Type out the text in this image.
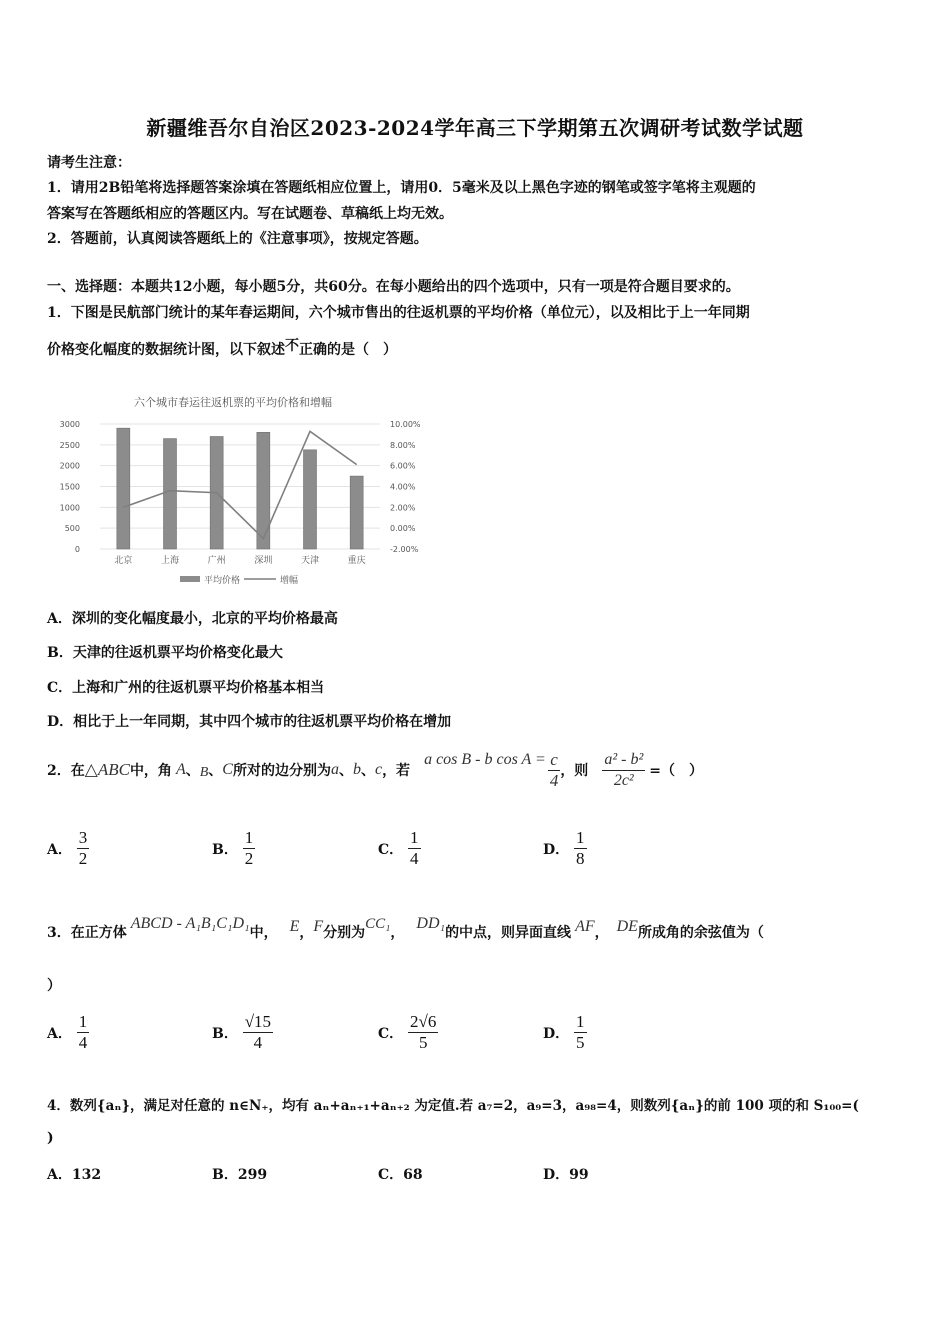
新疆维吾尔自治区2023-2024学年高三下学期第五次调研考试数学试题
请考生注意：
1．请用2B铅笔将选择题答案涂填在答题纸相应位置上，请用0．5毫米及以上黑色字迹的钢笔或签字笔将主观题的
答案写在答题纸相应的答题区内。写在试题卷、草稿纸上均无效。
2．答题前，认真阅读答题纸上的《注意事项》，按规定答题。
一、选择题：本题共12小题，每小题5分，共60分。在每小题给出的四个选项中，只有一项是符合题目要求的。
1．下图是民航部门统计的某年春运期间，六个城市售出的往返机票的平均价格（单位元），以及相比于上一年同期
价格变化幅度的数据统计图，以下叙述不正确的是（　）
六个城市春运往返机票的平均价格和增幅
3000
2500
2000
1500
1000
500
0
10.00%
8.00%
6.00%
4.00%
2.00%
0.00%
-2.00%
北京	上海	广州	深圳	天津	重庆
平均价格	增幅
A．深圳的变化幅度最小，北京的平均价格最高
B．天津的往返机票平均价格变化最大
C．上海和广州的往返机票平均价格基本相当
D．相比于上一年同期，其中四个城市的往返机票平均价格在增加
2．在 △ABC 中，角 A 、 B 、 C 所对的边分别为 a 、 b 、 c ，若
a cos B - b $\cos A = \frac{c}{4}$ ，则 $\frac{\text{a² - b²}}{\text{2c²}}$ =（　）
A． $\frac{3}{2}$	B． $\frac{1}{2}$	C． $\frac{1}{4}$	D． $\frac{1}{8}$
3．在正方体
ABCD - A₁B₁C₁D₁
中， E ， F 分别为
CC₁
，
DD₁
的中点，则异面直线 AF ， DE 所成角的余弦值为（
）
A． $\frac{1}{4}$	B． $\frac{√15}{4}$	C． $\frac{2√6}{5}$	D． $\frac{1}{5}$
4．数列{aₙ}，满足对任意的 n∈N₊，均有 aₙ+aₙ₊₁+aₙ₊₂ 为定值.若 a₇=2，a₉=3，a₉₈=4，则数列{aₙ}的前 100 项的和 S₁₀₀=(
)
A．132	B．299	C．68	D．99
